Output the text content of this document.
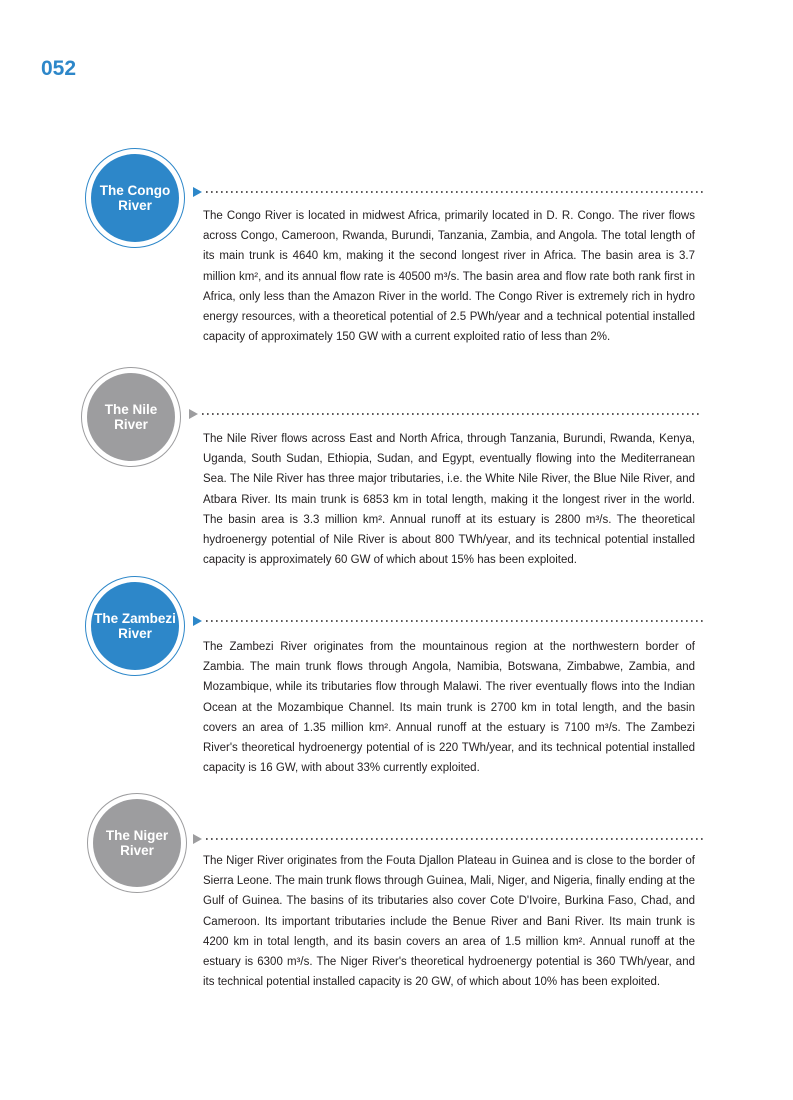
052
The Congo
River

The Congo River is located in midwest Africa, primarily located in D. R. Congo. The river flows across Congo, Cameroon, Rwanda, Burundi, Tanzania, Zambia, and Angola. The total length of its main trunk is 4640 km, making it the second longest river in Africa. The basin area is 3.7 million km², and its annual flow rate is 40500 m³/s. The basin area and flow rate both rank first in Africa, only less than the Amazon River in the world. The Congo River is extremely rich in hydro energy resources, with a theoretical potential of 2.5 PWh/year and a technical potential installed capacity of approximately 150 GW with a current exploited ratio of less than 2%.

The Nile
River

The Nile River flows across East and North Africa, through Tanzania, Burundi, Rwanda, Kenya, Uganda, South Sudan, Ethiopia, Sudan, and Egypt, eventually flowing into the Mediterranean Sea. The Nile River has three major tributaries, i.e. the White Nile River, the Blue Nile River, and Atbara River. Its main trunk is 6853 km in total length, making it the longest river in the world. The basin area is 3.3 million km². Annual runoff at its estuary is 2800 m³/s. The theoretical hydroenergy potential of Nile River is about 800 TWh/year, and its technical potential installed capacity is approximately 60 GW of which about 15% has been exploited.

The Zambezi
River

The Zambezi River originates from the mountainous region at the northwestern border of Zambia. The main trunk flows through Angola, Namibia, Botswana, Zimbabwe, Zambia, and Mozambique, while its tributaries flow through Malawi. The river eventually flows into the Indian Ocean at the Mozambique Channel. Its main trunk is 2700 km in total length, and the basin covers an area of 1.35 million km². Annual runoff at the estuary is 7100 m³/s. The Zambezi River's theoretical hydroenergy potential of is 220 TWh/year, and its technical potential installed capacity is 16 GW, with about 33% currently exploited.

The Niger
River

The Niger River originates from the Fouta Djallon Plateau in Guinea and is close to the border of Sierra Leone. The main trunk flows through Guinea, Mali, Niger, and Nigeria, finally ending at the Gulf of Guinea. The basins of its tributaries also cover Cote D'Ivoire, Burkina Faso, Chad, and Cameroon. Its important tributaries include the Benue River and Bani River. Its main trunk is 4200 km in total length, and its basin covers an area of 1.5 million km². Annual runoff at the estuary is 6300 m³/s. The Niger River's theoretical hydroenergy potential is 360 TWh/year, and its technical potential installed capacity is 20 GW, of which about 10% has been exploited.
